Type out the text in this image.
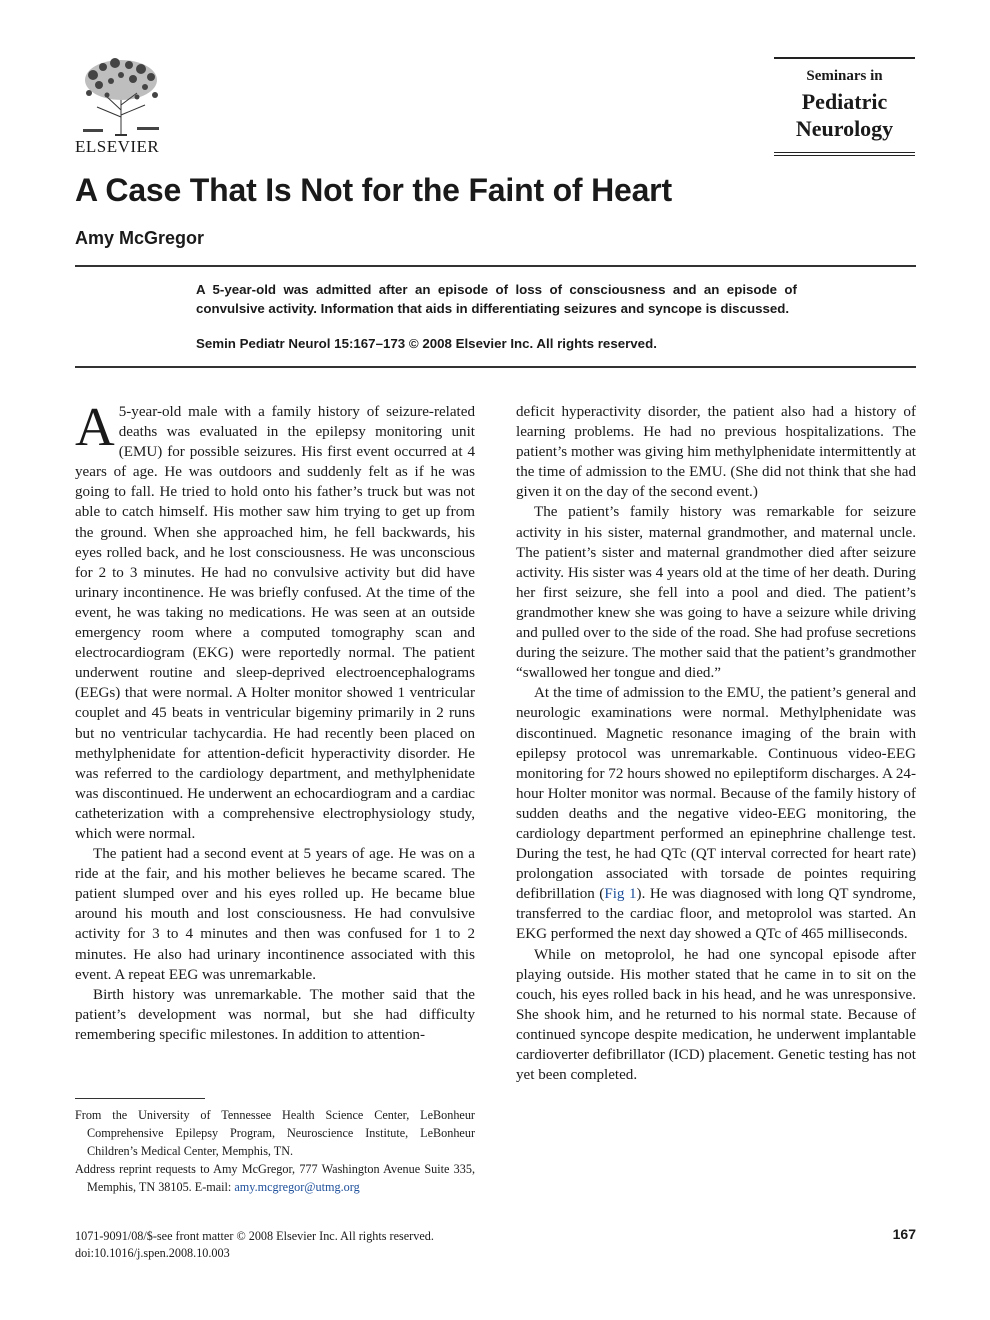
ELSEVIER
Seminars in
Pediatric
Neurology
A Case That Is Not for the Faint of Heart
Amy McGregor

A 5-year-old was admitted after an episode of loss of consciousness and an episode of convulsive activity. Information that aids in differentiating seizures and syncope is discussed.

Semin Pediatr Neurol 15:167–173 © 2008 Elsevier Inc. All rights reserved.

A 5-year-old male with a family history of seizure-related deaths was evaluated in the epilepsy monitoring unit (EMU) for possible seizures. His first event occurred at 4 years of age. He was outdoors and suddenly felt as if he was going to fall. He tried to hold onto his father’s truck but was not able to catch himself. His mother saw him trying to get up from the ground. When she approached him, he fell backwards, his eyes rolled back, and he lost consciousness. He was unconscious for 2 to 3 minutes. He had no convulsive activity but did have urinary incontinence. He was briefly confused. At the time of the event, he was taking no medications. He was seen at an outside emergency room where a computed tomography scan and electrocardiogram (EKG) were reportedly normal. The patient underwent routine and sleep-deprived electroencephalograms (EEGs) that were normal. A Holter monitor showed 1 ventricular couplet and 45 beats in ventricular bigeminy primarily in 2 runs but no ventricular tachycardia. He had recently been placed on methylphenidate for attention-deficit hyperactivity disorder. He was referred to the cardiology department, and methylphenidate was discontinued. He underwent an echocardiogram and a cardiac catheterization with a comprehensive electrophysiology study, which were normal.

The patient had a second event at 5 years of age. He was on a ride at the fair, and his mother believes he became scared. The patient slumped over and his eyes rolled up. He became blue around his mouth and lost consciousness. He had convulsive activity for 3 to 4 minutes and then was confused for 1 to 2 minutes. He also had urinary incontinence associated with this event. A repeat EEG was unremarkable.

Birth history was unremarkable. The mother said that the patient’s development was normal, but she had difficulty remembering specific milestones. In addition to attention-

deficit hyperactivity disorder, the patient also had a history of learning problems. He had no previous hospitalizations. The patient’s mother was giving him methylphenidate intermittently at the time of admission to the EMU. (She did not think that she had given it on the day of the second event.)

The patient’s family history was remarkable for seizure activity in his sister, maternal grandmother, and maternal uncle. The patient’s sister and maternal grandmother died after seizure activity. His sister was 4 years old at the time of her death. During her first seizure, she fell into a pool and died. The patient’s grandmother knew she was going to have a seizure while driving and pulled over to the side of the road. She had profuse secretions during the seizure. The mother said that the patient’s grandmother “swallowed her tongue and died.”

At the time of admission to the EMU, the patient’s general and neurologic examinations were normal. Methylphenidate was discontinued. Magnetic resonance imaging of the brain with epilepsy protocol was unremarkable. Continuous video-EEG monitoring for 72 hours showed no epileptiform discharges. A 24-hour Holter monitor was normal. Because of the family history of sudden deaths and the negative video-EEG monitoring, the cardiology department performed an epinephrine challenge test. During the test, he had QTc (QT interval corrected for heart rate) prolongation associated with torsade de pointes requiring defibrillation (Fig 1). He was diagnosed with long QT syndrome, transferred to the cardiac floor, and metoprolol was started. An EKG performed the next day showed a QTc of 465 milliseconds.

While on metoprolol, he had one syncopal episode after playing outside. His mother stated that he came in to sit on the couch, his eyes rolled back in his head, and he was unresponsive. She shook him, and he returned to his normal state. Because of continued syncope despite medication, he underwent implantable cardioverter defibrillator (ICD) placement. Genetic testing has not yet been completed.

From the University of Tennessee Health Science Center, LeBonheur Comprehensive Epilepsy Program, Neuroscience Institute, LeBonheur Children’s Medical Center, Memphis, TN.

Address reprint requests to Amy McGregor, 777 Washington Avenue Suite 335, Memphis, TN 38105. E-mail: amy.mcgregor@utmg.org

1071-9091/08/$-see front matter © 2008 Elsevier Inc. All rights reserved.
doi:10.1016/j.spen.2008.10.003
167
